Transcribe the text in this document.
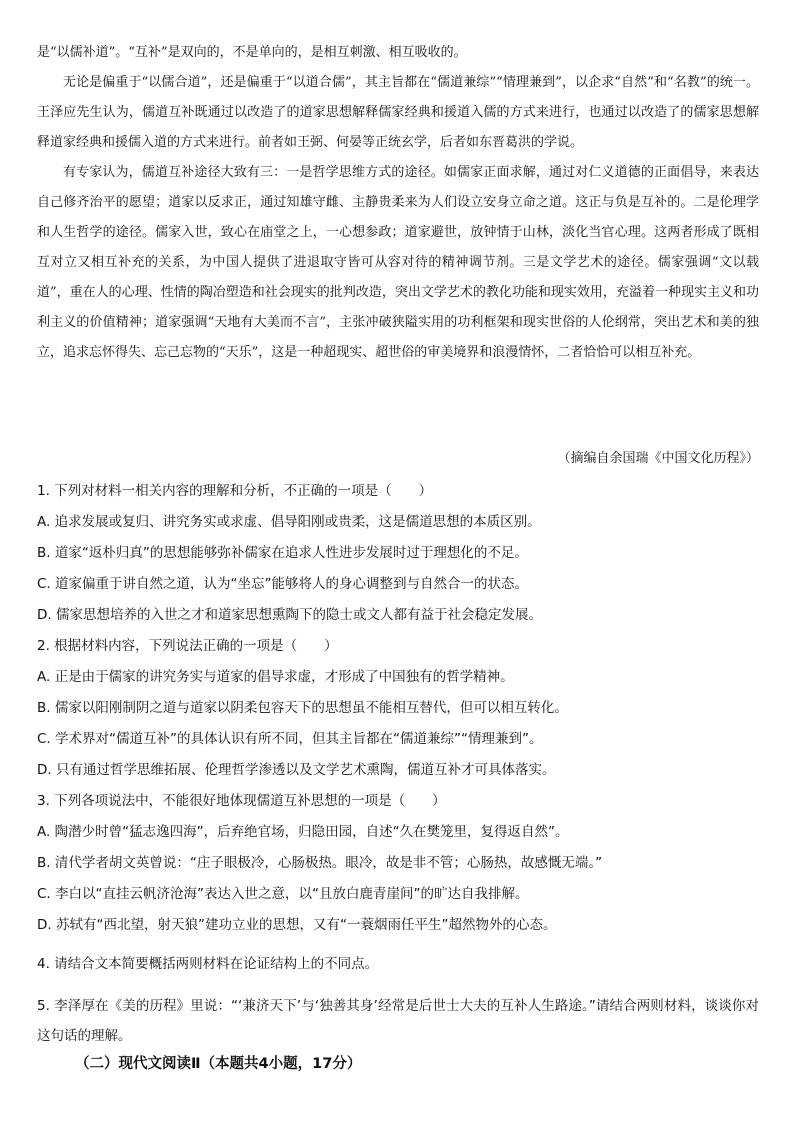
是“以儒补道”。“互补”是双向的，不是单向的，是相互刺激、相互吸收的。

无论是偏重于“以儒合道”，还是偏重于“以道合儒”，其主旨都在“儒道兼综”“情理兼到”，以企求“自然”和“名教”的统一。王泽应先生认为，儒道互补既通过以改造了的道家思想解释儒家经典和援道入儒的方式来进行，也通过以改造了的儒家思想解释道家经典和援儒入道的方式来进行。前者如王弼、何晏等正统玄学，后者如东晋葛洪的学说。

有专家认为，儒道互补途径大致有三：一是哲学思维方式的途径。如儒家正面求解，通过对仁义道德的正面倡导，来表达自己修齐治平的愿望；道家以反求正，通过知雄守雌、主静贵柔来为人们设立安身立命之道。这正与负是互补的。二是伦理学和人生哲学的途径。儒家入世，致心在庙堂之上，一心想参政；道家避世，放钟情于山林，淡化当官心理。这两者形成了既相互对立又相互补充的关系，为中国人提供了进退取守皆可从容对待的精神调节剂。三是文学艺术的途径。儒家强调“文以载道”，重在人的心理、性情的陶冶塑造和社会现实的批判改造，突出文学艺术的教化功能和现实效用，充溢着一种现实主义和功利主义的价值精神；道家强调“天地有大美而不言”，主张冲破狭隘实用的功利框架和现实世俗的人伦纲常，突出艺术和美的独立，追求忘怀得失、忘己忘物的“天乐”，这是一种超现实、超世俗的审美境界和浪漫情怀，二者恰恰可以相互补充。

（摘编自余国瑞《中国文化历程》）

1. 下列对材料一相关内容的理解和分析，不正确的一项是（　　）

A. 追求发展或复归、讲究务实或求虚、倡导阳刚或贵柔，这是儒道思想的本质区别。
B. 道家“返朴归真”的思想能够弥补儒家在追求人性进步发展时过于理想化的不足。
C. 道家偏重于讲自然之道，认为“坐忘”能够将人的身心调整到与自然合一的状态。
D. 儒家思想培养的入世之才和道家思想熏陶下的隐士或文人都有益于社会稳定发展。
2. 根据材料内容，下列说法正确的一项是（　　）
A. 正是由于儒家的讲究务实与道家的倡导求虚，才形成了中国独有的哲学精神。
B. 儒家以阳刚制阴之道与道家以阴柔包容天下的思想虽不能相互替代，但可以相互转化。
C. 学术界对“儒道互补”的具体认识有所不同，但其主旨都在“儒道兼综”“情理兼到”。
D. 只有通过哲学思维拓展、伦理哲学渗透以及文学艺术熏陶，儒道互补才可具体落实。
3. 下列各项说法中，不能很好地体现儒道互补思想的一项是（　　）
A. 陶潜少时曾“猛志逸四海”，后弃绝官场，归隐田园，自述“久在樊笼里，复得返自然”。
B. 清代学者胡文英曾说：“庄子眼极冷，心肠极热。眼冷，故是非不管；心肠热，故感慨无端。”
C. 李白以“直挂云帆济沧海”表达入世之意，以“且放白鹿青崖间”的旷达自我排解。
D. 苏轼有“西北望，射天狼”建功立业的思想，又有“一蓑烟雨任平生”超然物外的心态。
4. 请结合文本简要概括两则材料在论证结构上的不同点。
5. 李泽厚在《美的历程》里说：“‘兼济天下’与‘独善其身’经常是后世士大夫的互补人生路途。”请结合两则材料，谈谈你对这句话的理解。
（二）现代文阅读Ⅱ（本题共4小题，17分）
